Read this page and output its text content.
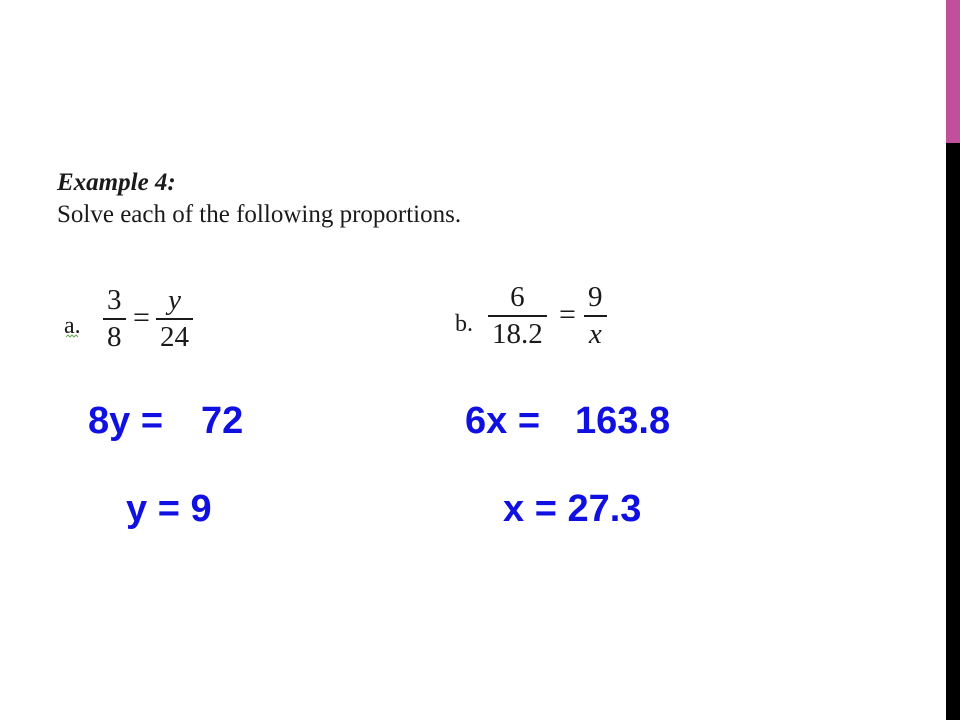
Example 4:
Solve each of the following proportions.
a.
3
8
=
y
24	b.
6
18.2
=
9
x
8y = 72
y = 9
6x = 163.8
x = 27.3
